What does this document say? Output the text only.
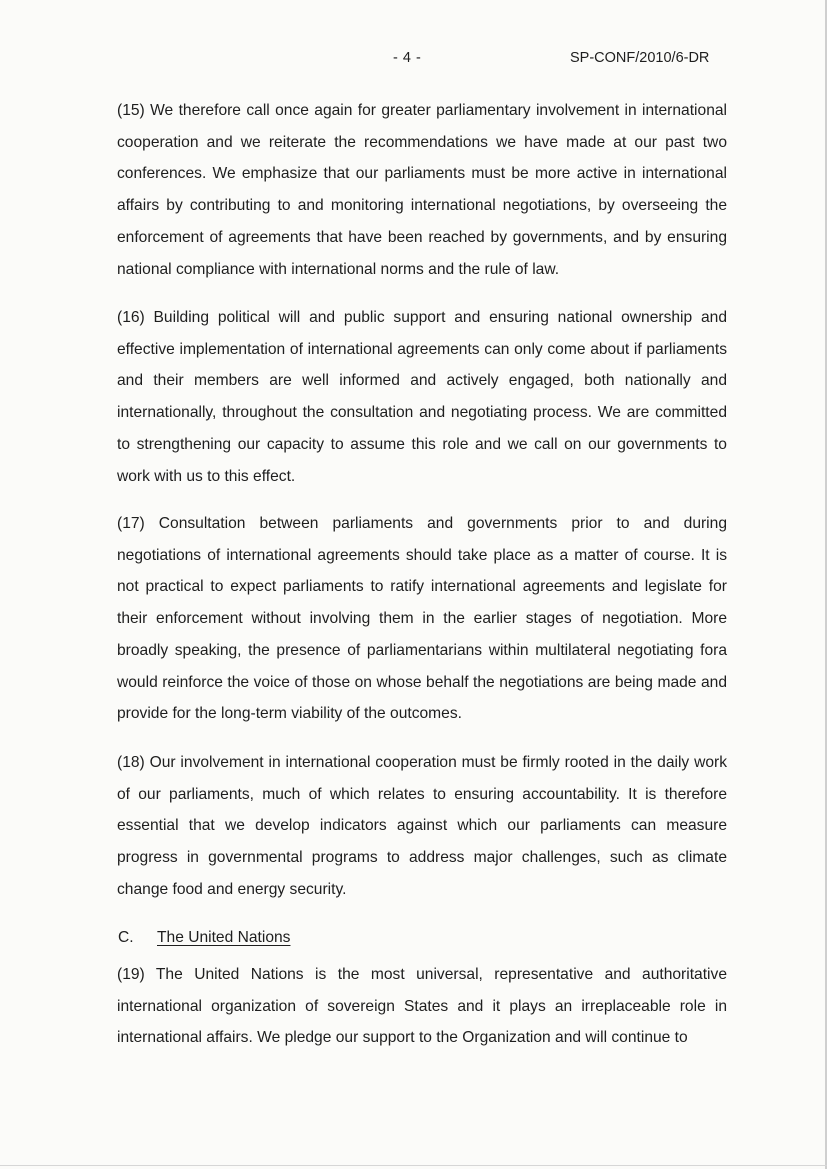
- 4 -	SP-CONF/2010/6-DR

(15) We therefore call once again for greater parliamentary involvement in international cooperation and we reiterate the recommendations we have made at our past two conferences. We emphasize that our parliaments must be more active in international affairs by contributing to and monitoring international negotiations, by overseeing the enforcement of agreements that have been reached by governments, and by ensuring national compliance with international norms and the rule of law.

(16) Building political will and public support and ensuring national ownership and effective implementation of international agreements can only come about if parliaments and their members are well informed and actively engaged, both nationally and internationally, throughout the consultation and negotiating process. We are committed to strengthening our capacity to assume this role and we call on our governments to work with us to this effect.

(17) Consultation between parliaments and governments prior to and during negotiations of international agreements should take place as a matter of course. It is not practical to expect parliaments to ratify international agreements and legislate for their enforcement without involving them in the earlier stages of negotiation. More broadly speaking, the presence of parliamentarians within multilateral negotiating fora would reinforce the voice of those on whose behalf the negotiations are being made and provide for the long-term viability of the outcomes.

(18) Our involvement in international cooperation must be firmly rooted in the daily work of our parliaments, much of which relates to ensuring accountability. It is therefore essential that we develop indicators against which our parliaments can measure progress in governmental programs to address major challenges, such as climate change food and energy security.

C. The United Nations

(19) The United Nations is the most universal, representative and authoritative international organization of sovereign States and it plays an irreplaceable role in international affairs. We pledge our support to the Organization and will continue to
